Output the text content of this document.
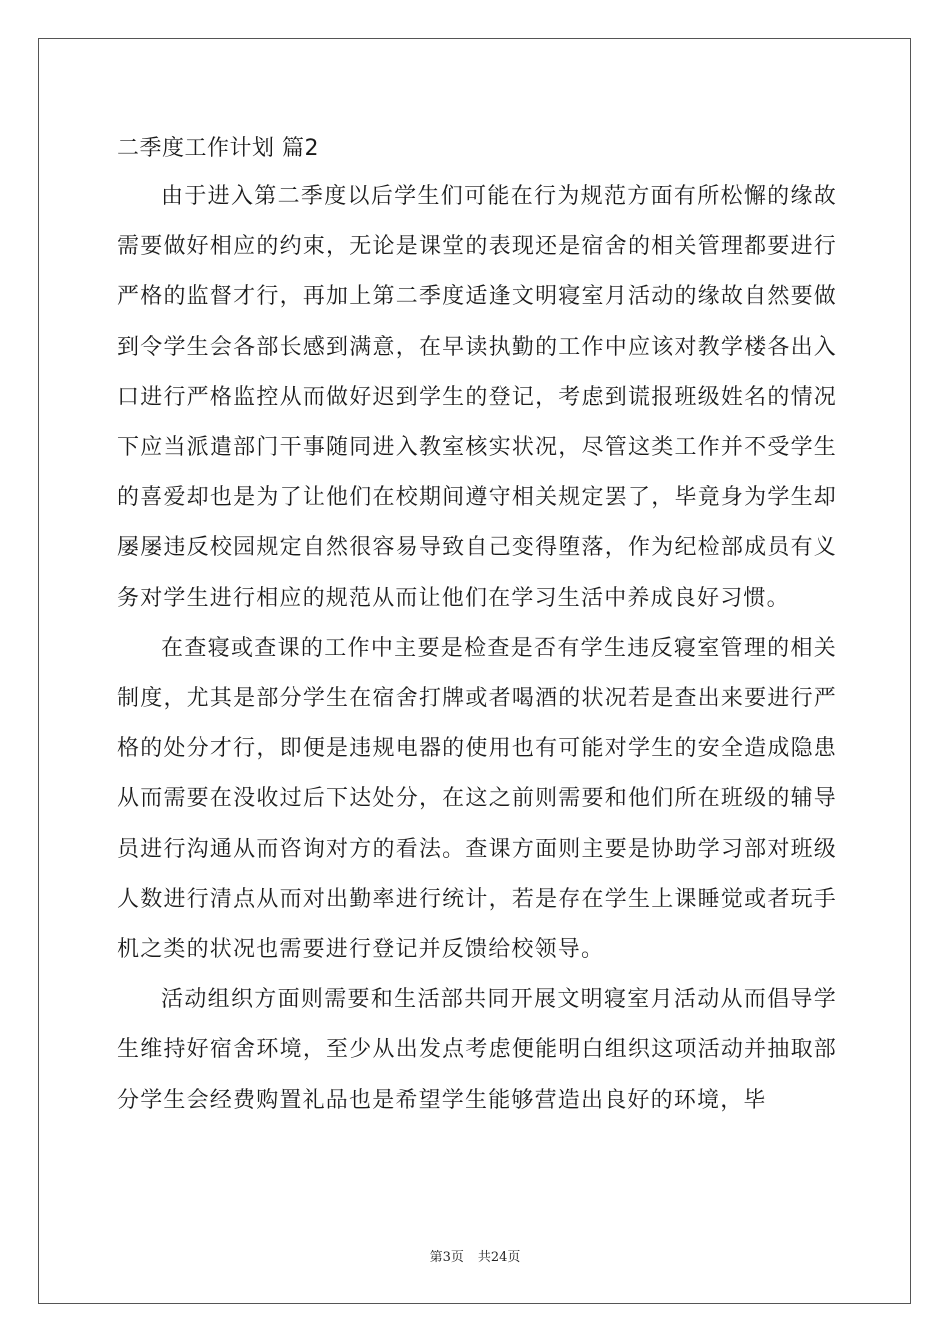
二季度工作计划 篇2

由于进入第二季度以后学生们可能在行为规范方面有所松懈的缘故需要做好相应的约束，无论是课堂的表现还是宿舍的相关管理都要进行严格的监督才行，再加上第二季度适逢文明寝室月活动的缘故自然要做到令学生会各部长感到满意，在早读执勤的工作中应该对教学楼各出入口进行严格监控从而做好迟到学生的登记，考虑到谎报班级姓名的情况下应当派遣部门干事随同进入教室核实状况，尽管这类工作并不受学生的喜爱却也是为了让他们在校期间遵守相关规定罢了，毕竟身为学生却屡屡违反校园规定自然很容易导致自己变得堕落，作为纪检部成员有义务对学生进行相应的规范从而让他们在学习生活中养成良好习惯。

在查寝或查课的工作中主要是检查是否有学生违反寝室管理的相关制度，尤其是部分学生在宿舍打牌或者喝酒的状况若是查出来要进行严格的处分才行，即便是违规电器的使用也有可能对学生的安全造成隐患从而需要在没收过后下达处分，在这之前则需要和他们所在班级的辅导员进行沟通从而咨询对方的看法。查课方面则主要是协助学习部对班级人数进行清点从而对出勤率进行统计，若是存在学生上课睡觉或者玩手机之类的状况也需要进行登记并反馈给校领导。

活动组织方面则需要和生活部共同开展文明寝室月活动从而倡导学生维持好宿舍环境，至少从出发点考虑便能明白组织这项活动并抽取部分学生会经费购置礼品也是希望学生能够营造出良好的环境，毕

第3页 共24页
